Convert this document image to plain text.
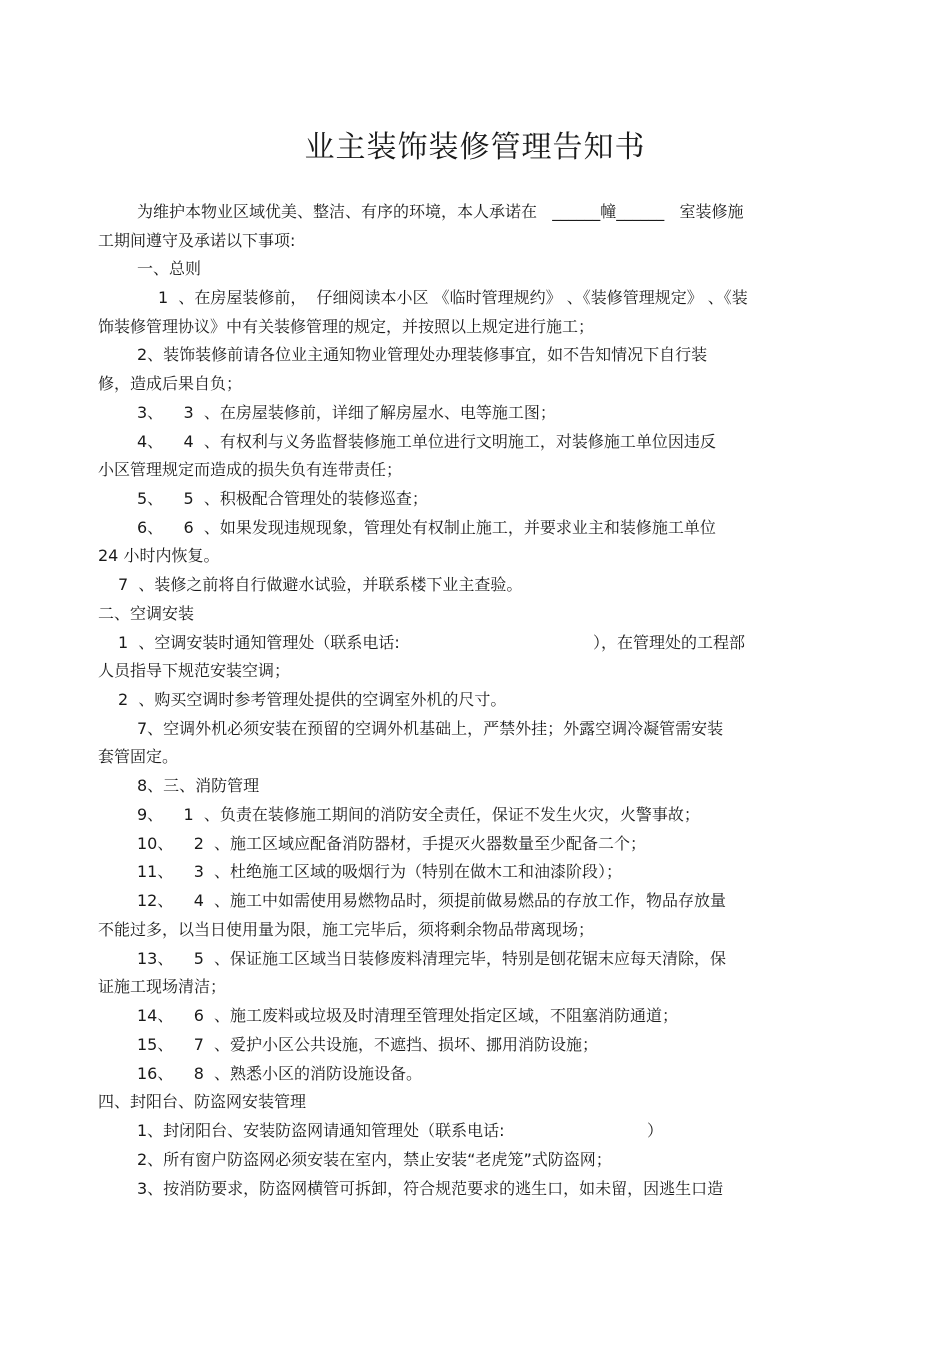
业主装饰装修管理告知书
为维护本物业区域优美、整洁、有序的环境，本人承诺在   ______幢______   室装修施
工期间遵守及承诺以下事项:
一、总则
1  、在房屋装修前，  仔细阅读本小区 《临时管理规约》 、《装修管理规定》 、《装
饰装修管理协议》中有关装修管理的规定，并按照以上规定进行施工；
2、装饰装修前请各位业主通知物业管理处办理装修事宜，如不告知情况下自行装
修，造成后果自负；
3、    3  、在房屋装修前，详细了解房屋水、电等施工图；
4、    4  、有权利与义务监督装修施工单位进行文明施工，对装修施工单位因违反
小区管理规定而造成的损失负有连带责任；
5、    5  、积极配合管理处的装修巡查；
6、    6  、如果发现违规现象，管理处有权制止施工，并要求业主和装修施工单位
24 小时内恢复。
7  、装修之前将自行做避水试验，并联系楼下业主查验。
二、空调安装
1  、空调安装时通知管理处（联系电话:                                      ），在管理处的工程部
人员指导下规范安装空调；
2  、购买空调时参考管理处提供的空调室外机的尺寸。
7、空调外机必须安装在预留的空调外机基础上，严禁外挂；外露空调冷凝管需安装
套管固定。
8、三、消防管理
9、    1  、负责在装修施工期间的消防安全责任，保证不发生火灾，火警事故；
10、    2  、施工区域应配备消防器材，手提灭火器数量至少配备二个；
11、    3  、杜绝施工区域的吸烟行为（特别在做木工和油漆阶段）；
12、    4  、施工中如需使用易燃物品时，须提前做易燃品的存放工作，物品存放量
不能过多，以当日使用量为限，施工完毕后，须将剩余物品带离现场；
13、    5  、保证施工区域当日装修废料清理完毕，特别是刨花锯末应每天清除，保
证施工现场清洁；
14、    6  、施工废料或垃圾及时清理至管理处指定区域，不阻塞消防通道；
15、    7  、爱护小区公共设施，不遮挡、损坏、挪用消防设施；
16、    8  、熟悉小区的消防设施设备。
四、封阳台、防盗网安装管理
1、封闭阳台、安装防盗网请通知管理处（联系电话:                            ）
2、所有窗户防盗网必须安装在室内，禁止安装“老虎笼”式防盗网；
3、按消防要求，防盗网横管可拆卸，符合规范要求的逃生口，如未留，因逃生口造
